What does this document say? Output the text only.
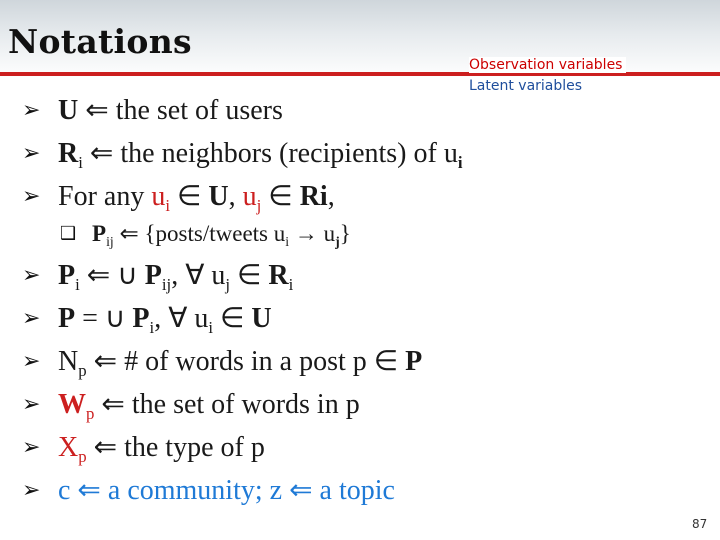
Notations
Observation variables
Latent variables
➢ U ⇐ the set of users
➢ $R_i$ ⇐ the neighbors (recipients) of $u_i$
➢ For any $u_i$ ∈ U, $u_j$ ∈ Ri,
❑ $P_{ij}$ ⇐ {posts/tweets $u_i \to u_j$}
➢ $P_i$ ⇐ ∪ $P_{ij}$, ∀ $u_j$ ∈ $R_i$
➢ P = ∪ $P_i$, ∀ $u_i$ ∈ U
➢ $N_p$ ⇐ # of words in a post p ∈ P
➢ $W_p$ ⇐ the set of words in p
➢ $X_p$ ⇐ the type of p
➢ c ⇐ a community; z ⇐ a topic
87
